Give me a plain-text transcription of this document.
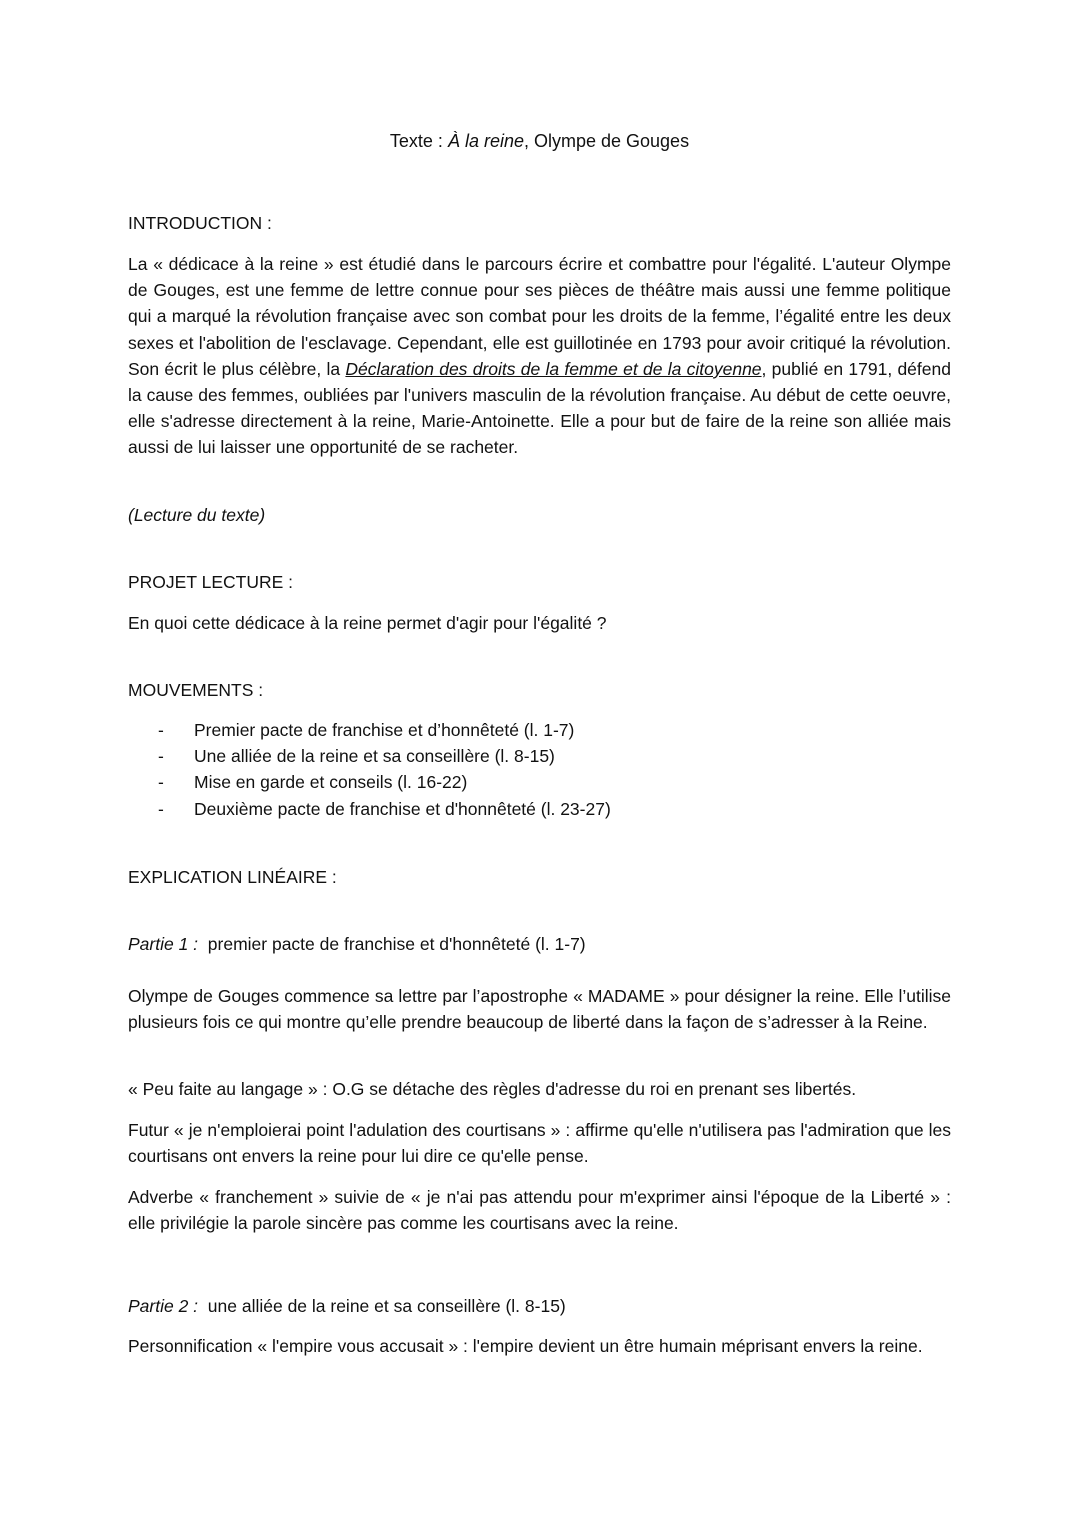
Texte : À la reine, Olympe de Gouges
INTRODUCTION :

La « dédicace à la reine » est étudié dans le parcours écrire et combattre pour l'égalité. L'auteur Olympe de Gouges, est une femme de lettre connue pour ses pièces de théâtre mais aussi une femme politique qui a marqué la révolution française avec son combat pour les droits de la femme, l’égalité entre les deux sexes et l'abolition de l'esclavage. Cependant, elle est guillotinée en 1793 pour avoir critiqué la révolution. Son écrit le plus célèbre, la Déclaration des droits de la femme et de la citoyenne, publié en 1791, défend la cause des femmes, oubliées par l'univers masculin de la révolution française. Au début de cette oeuvre, elle s'adresse directement à la reine, Marie-Antoinette. Elle a pour but de faire de la reine son alliée mais aussi de lui laisser une opportunité de se racheter.

(Lecture du texte)
PROJET LECTURE :
En quoi cette dédicace à la reine permet d'agir pour l'égalité ?
MOUVEMENTS :
- Premier pacte de franchise et d’honnêteté (l. 1-7)
- Une alliée de la reine et sa conseillère (l. 8-15)
- Mise en garde et conseils (l. 16-22)
- Deuxième pacte de franchise et d'honnêteté (l. 23-27)
EXPLICATION LINÉAIRE :
Partie 1 : premier pacte de franchise et d'honnêteté (l. 1-7)

Olympe de Gouges commence sa lettre par l’apostrophe « MADAME » pour désigner la reine. Elle l’utilise plusieurs fois ce qui montre qu’elle prendre beaucoup de liberté dans la façon de s’adresser à la Reine.

« Peu faite au langage » : O.G se détache des règles d'adresse du roi en prenant ses libertés.

Futur « je n'emploierai point l'adulation des courtisans » : affirme qu'elle n'utilisera pas l'admiration que les courtisans ont envers la reine pour lui dire ce qu'elle pense.

Adverbe « franchement » suivie de « je n'ai pas attendu pour m'exprimer ainsi l'époque de la Liberté » : elle privilégie la parole sincère pas comme les courtisans avec la reine.

Partie 2 : une alliée de la reine et sa conseillère (l. 8-15)

Personnification « l'empire vous accusait » : l'empire devient un être humain méprisant envers la reine.
